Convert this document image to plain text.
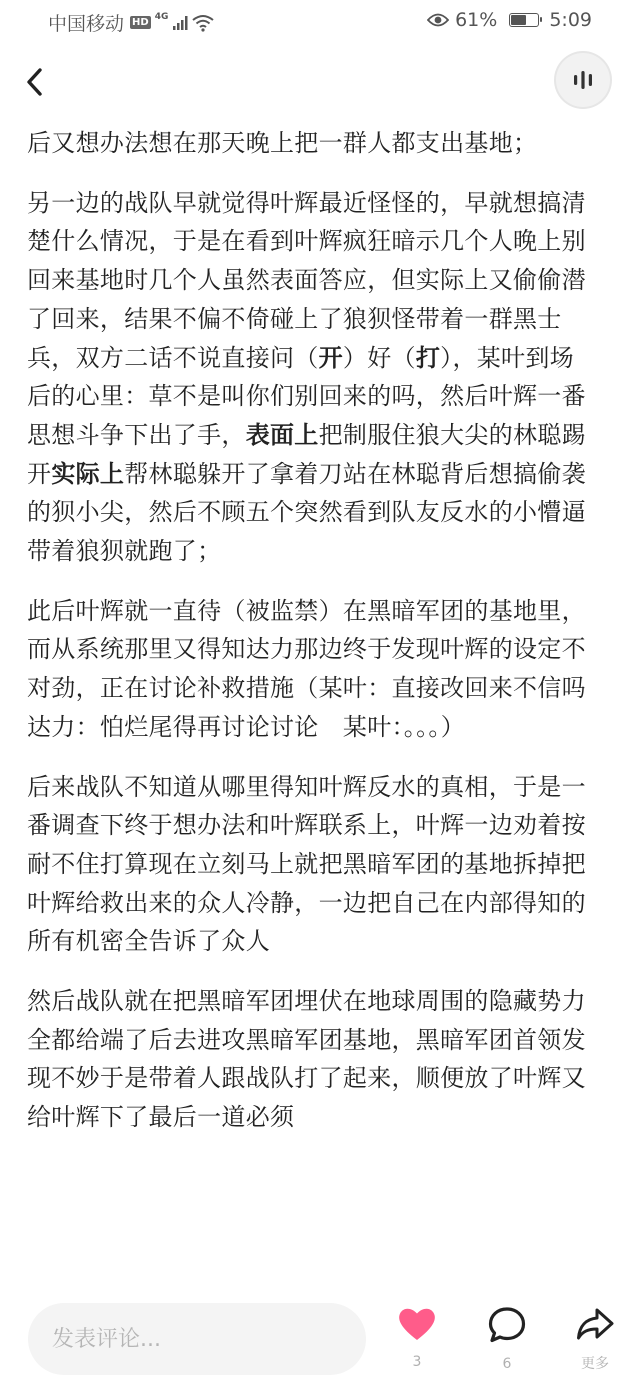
中国移动 HD
4G	61%	5:09

后又想办法想在那天晚上把一群人都支出基地；

另一边的战队早就觉得叶辉最近怪怪的，早就想搞清楚什么情况，于是在看到叶辉疯狂暗示几个人晚上别回来基地时几个人虽然表面答应，但实际上又偷偷潜了回来，结果不偏不倚碰上了狼狈怪带着一群黑士兵，双方二话不说直接问（开）好（打），某叶到场后的心里：草不是叫你们别回来的吗，然后叶辉一番思想斗争下出了手，表面上把制服住狼大尖的林聪踢开实际上帮林聪躲开了拿着刀站在林聪背后想搞偷袭的狈小尖，然后不顾五个突然看到队友反水的小懵逼带着狼狈就跑了；

此后叶辉就一直待（被监禁）在黑暗军团的基地里，而从系统那里又得知达力那边终于发现叶辉的设定不对劲，正在讨论补救措施（某叶：直接改回来不信吗　 达力：怕烂尾得再讨论讨论　某叶：。。。）

后来战队不知道从哪里得知叶辉反水的真相，于是一番调查下终于想办法和叶辉联系上，叶辉一边劝着按耐不住打算现在立刻马上就把黑暗军团的基地拆掉把叶辉给救出来的众人冷静，一边把自己在内部得知的所有机密全告诉了众人

然后战队就在把黑暗军团埋伏在地球周围的隐藏势力全都给端了后去进攻黑暗军团基地，黑暗军团首领发现不妙于是带着人跟战队打了起来，顺便放了叶辉又给叶辉下了最后一道必须

发表评论...
3	6	更多
